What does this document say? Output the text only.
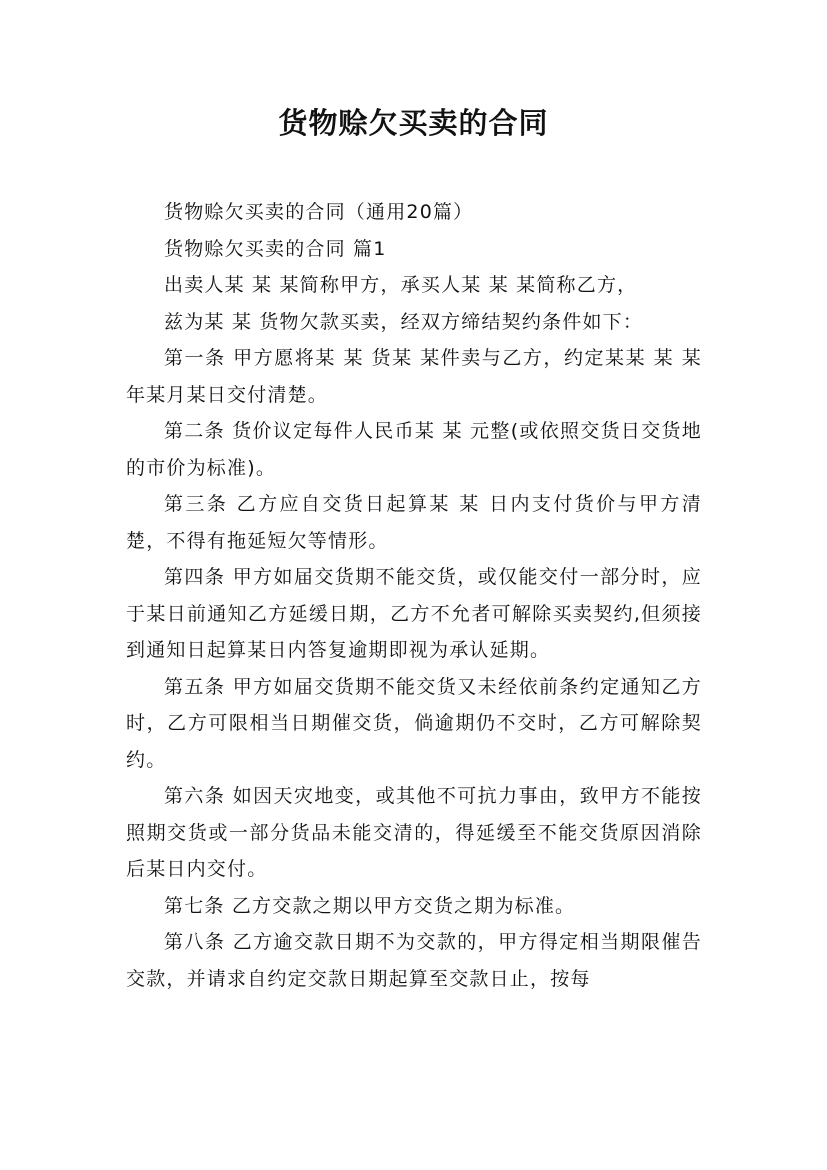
货物赊欠买卖的合同

货物赊欠买卖的合同（通用20篇）

货物赊欠买卖的合同 篇1

出卖人某 某 某简称甲方，承买人某 某 某简称乙方，

兹为某 某 货物欠款买卖，经双方缔结契约条件如下：

第一条 甲方愿将某 某 货某 某件卖与乙方，约定某某 某 某年某月某日交付清楚。

第二条 货价议定每件人民币某 某 元整(或依照交货日交货地的市价为标准)。

第三条 乙方应自交货日起算某 某 日内支付货价与甲方清楚，不得有拖延短欠等情形。

第四条 甲方如届交货期不能交货，或仅能交付一部分时，应于某日前通知乙方延缓日期，乙方不允者可解除买卖契约,但须接到通知日起算某日内答复逾期即视为承认延期。

第五条 甲方如届交货期不能交货又未经依前条约定通知乙方时，乙方可限相当日期催交货，倘逾期仍不交时，乙方可解除契约。

第六条 如因天灾地变，或其他不可抗力事由，致甲方不能按照期交货或一部分货品未能交清的，得延缓至不能交货原因消除后某日内交付。

第七条 乙方交款之期以甲方交货之期为标准。

第八条 乙方逾交款日期不为交款的，甲方得定相当期限催告交款，并请求自约定交款日期起算至交款日止，按每
